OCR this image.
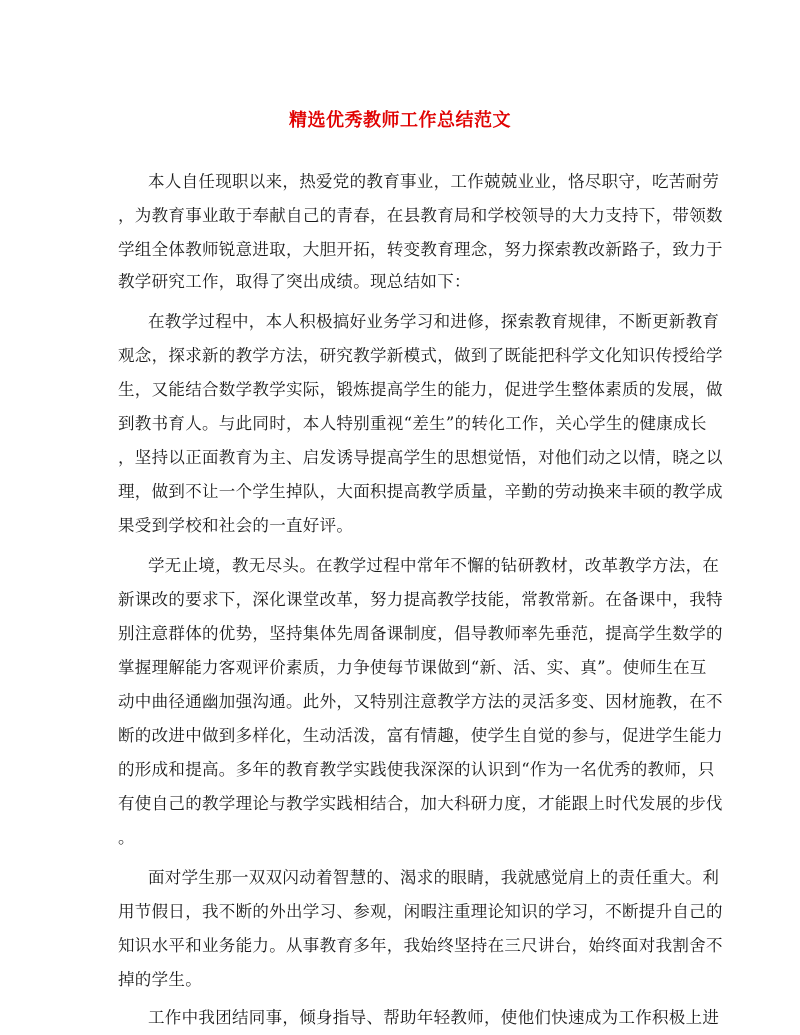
精选优秀教师工作总结范文
本人自任现职以来，热爱党的教育事业，工作兢兢业业，恪尽职守，吃苦耐劳
，为教育事业敢于奉献自己的青春，在县教育局和学校领导的大力支持下，带领数
学组全体教师锐意进取，大胆开拓，转变教育理念，努力探索教改新路子，致力于
教学研究工作，取得了突出成绩。现总结如下：
在教学过程中，本人积极搞好业务学习和进修，探索教育规律，不断更新教育
观念，探求新的教学方法，研究教学新模式，做到了既能把科学文化知识传授给学
生，又能结合数学教学实际，锻炼提高学生的能力，促进学生整体素质的发展，做
到教书育人。与此同时，本人特别重视“差生”的转化工作，关心学生的健康成长
，坚持以正面教育为主、启发诱导提高学生的思想觉悟，对他们动之以情，晓之以
理，做到不让一个学生掉队，大面积提高教学质量，辛勤的劳动换来丰硕的教学成
果受到学校和社会的一直好评。
学无止境，教无尽头。在教学过程中常年不懈的钻研教材，改革教学方法，在
新课改的要求下，深化课堂改革，努力提高教学技能，常教常新。在备课中，我特
别注意群体的优势，坚持集体先周备课制度，倡导教师率先垂范，提高学生数学的
掌握理解能力客观评价素质，力争使每节课做到“新、活、实、真”。使师生在互
动中曲径通幽加强沟通。此外，又特别注意教学方法的灵活多变、因材施教，在不
断的改进中做到多样化，生动活泼，富有情趣，使学生自觉的参与，促进学生能力
的形成和提高。多年的教育教学实践使我深深的认识到“作为一名优秀的教师，只
有使自己的教学理论与教学实践相结合，加大科研力度，才能跟上时代发展的步伐
。
面对学生那一双双闪动着智慧的、渴求的眼睛，我就感觉肩上的责任重大。利
用节假日，我不断的外出学习、参观，闲暇注重理论知识的学习，不断提升自己的
知识水平和业务能力。从事教育多年，我始终坚持在三尺讲台，始终面对我割舍不
掉的学生。
工作中我团结同事，倾身指导、帮助年轻教师，使他们快速成为工作积极上进
